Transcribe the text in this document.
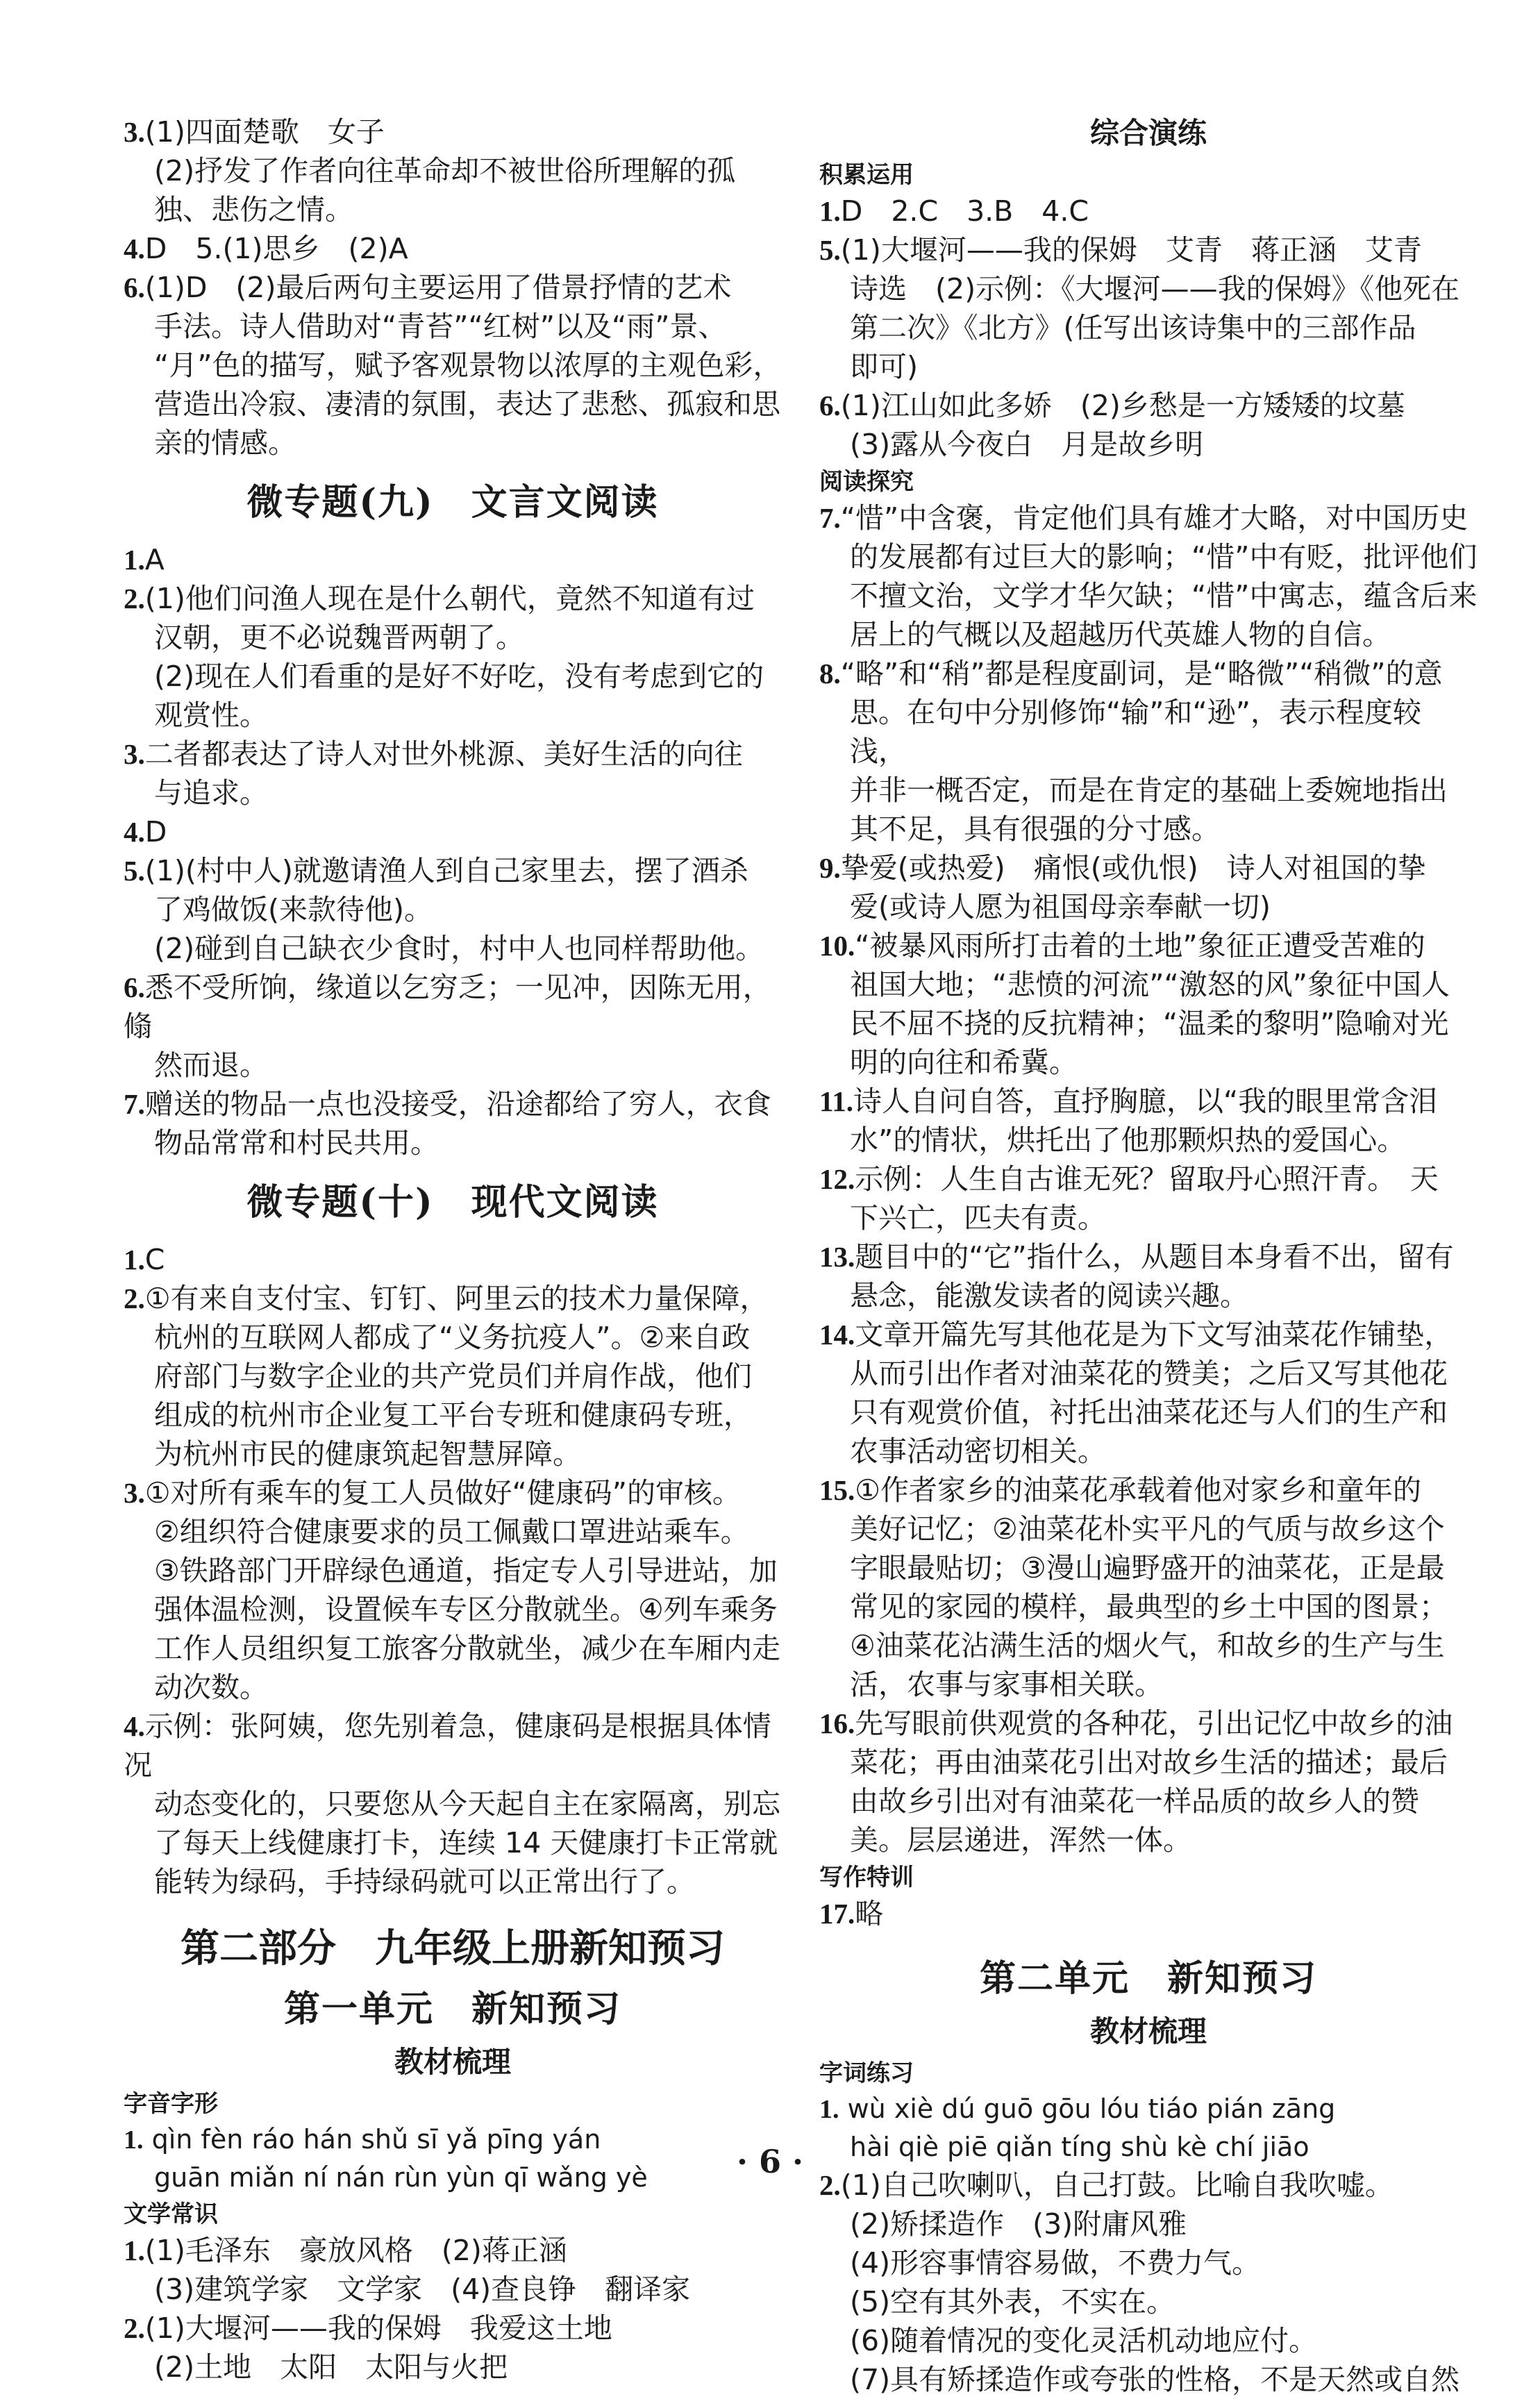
3.(1)四面楚歌　女子

(2)抒发了作者向往革命却不被世俗所理解的孤

独、悲伤之情。

4.D　5.(1)思乡　(2)A

6.(1)D　(2)最后两句主要运用了借景抒情的艺术

手法。诗人借助对“青苔”“红树”以及“雨”景、

“月”色的描写，赋予客观景物以浓厚的主观色彩，

营造出冷寂、凄清的氛围，表达了悲愁、孤寂和思

亲的情感。

微专题(九)　文言文阅读

1.A

2.(1)他们问渔人现在是什么朝代，竟然不知道有过

汉朝，更不必说魏晋两朝了。

(2)现在人们看重的是好不好吃，没有考虑到它的

观赏性。

3.二者都表达了诗人对世外桃源、美好生活的向往

与追求。

4.D

5.(1)(村中人)就邀请渔人到自己家里去，摆了酒杀

了鸡做饭(来款待他)。

(2)碰到自己缺衣少食时，村中人也同样帮助他。

6.悉不受所饷，缘道以乞穷乏；一见冲，因陈无用，翛

然而退。

7.赠送的物品一点也没接受，沿途都给了穷人，衣食

物品常常和村民共用。

微专题(十)　现代文阅读

1.C

2.①有来自支付宝、钉钉、阿里云的技术力量保障，

杭州的互联网人都成了“义务抗疫人”。②来自政

府部门与数字企业的共产党员们并肩作战，他们

组成的杭州市企业复工平台专班和健康码专班，

为杭州市民的健康筑起智慧屏障。

3.①对所有乘车的复工人员做好“健康码”的审核。

②组织符合健康要求的员工佩戴口罩进站乘车。

③铁路部门开辟绿色通道，指定专人引导进站，加

强体温检测，设置候车专区分散就坐。④列车乘务

工作人员组织复工旅客分散就坐，减少在车厢内走

动次数。

4.示例：张阿姨，您先别着急，健康码是根据具体情况

动态变化的，只要您从今天起自主在家隔离，别忘

了每天上线健康打卡，连续 14 天健康打卡正常就

能转为绿码，手持绿码就可以正常出行了。

第二部分　九年级上册新知预习
第一单元　新知预习
教材梳理
字音字形
1. qìn fèn ráo hán shǔ sī yǎ pīng yán
guān miǎn ní nán rùn yùn qī wǎng yè
文学常识

1.(1)毛泽东　豪放风格　(2)蒋正涵

(3)建筑学家　文学家　(4)查良铮　翻译家

2.(1)大堰河——我的保姆　我爱这土地

(2)土地　太阳　太阳与火把

综合演练
积累运用

1.D　2.C　3.B　4.C

5.(1)大堰河——我的保姆　艾青　蒋正涵　艾青

诗选　(2)示例：《大堰河——我的保姆》《他死在

第二次》《北方》(任写出该诗集中的三部作品

即可)

6.(1)江山如此多娇　(2)乡愁是一方矮矮的坟墓

(3)露从今夜白　月是故乡明

阅读探究

7.“惜”中含褒，肯定他们具有雄才大略，对中国历史

的发展都有过巨大的影响；“惜”中有贬，批评他们

不擅文治，文学才华欠缺；“惜”中寓志，蕴含后来

居上的气概以及超越历代英雄人物的自信。

8.“略”和“稍”都是程度副词，是“略微”“稍微”的意

思。在句中分别修饰“输”和“逊”，表示程度较浅，

并非一概否定，而是在肯定的基础上委婉地指出

其不足，具有很强的分寸感。

9.挚爱(或热爱)　痛恨(或仇恨)　诗人对祖国的挚

爱(或诗人愿为祖国母亲奉献一切)

10.“被暴风雨所打击着的土地”象征正遭受苦难的

祖国大地；“悲愤的河流”“激怒的风”象征中国人

民不屈不挠的反抗精神；“温柔的黎明”隐喻对光

明的向往和希冀。

11.诗人自问自答，直抒胸臆，以“我的眼里常含泪

水”的情状，烘托出了他那颗炽热的爱国心。

12.示例：人生自古谁无死？留取丹心照汗青。　天

下兴亡，匹夫有责。

13.题目中的“它”指什么，从题目本身看不出，留有

悬念，能激发读者的阅读兴趣。

14.文章开篇先写其他花是为下文写油菜花作铺垫，

从而引出作者对油菜花的赞美；之后又写其他花

只有观赏价值，衬托出油菜花还与人们的生产和

农事活动密切相关。

15.①作者家乡的油菜花承载着他对家乡和童年的

美好记忆；②油菜花朴实平凡的气质与故乡这个

字眼最贴切；③漫山遍野盛开的油菜花，正是最

常见的家园的模样，最典型的乡土中国的图景；

④油菜花沾满生活的烟火气，和故乡的生产与生

活，农事与家事相关联。

16.先写眼前供观赏的各种花，引出记忆中故乡的油

菜花；再由油菜花引出对故乡生活的描述；最后

由故乡引出对有油菜花一样品质的故乡人的赞

美。层层递进，浑然一体。

写作特训

17.略

第二单元　新知预习
教材梳理
字词练习
1. wù xiè dú guō gōu lóu tiáo pián zāng
hài qiè piē qiǎn tíng shù kè chí jiāo

2.(1)自己吹喇叭，自己打鼓。比喻自我吹嘘。

(2)矫揉造作　(3)附庸风雅

(4)形容事情容易做，不费力气。

(5)空有其外表，不实在。

(6)随着情况的变化灵活机动地应付。

(7)具有矫揉造作或夸张的性格，不是天然或自然

· 6 ·
